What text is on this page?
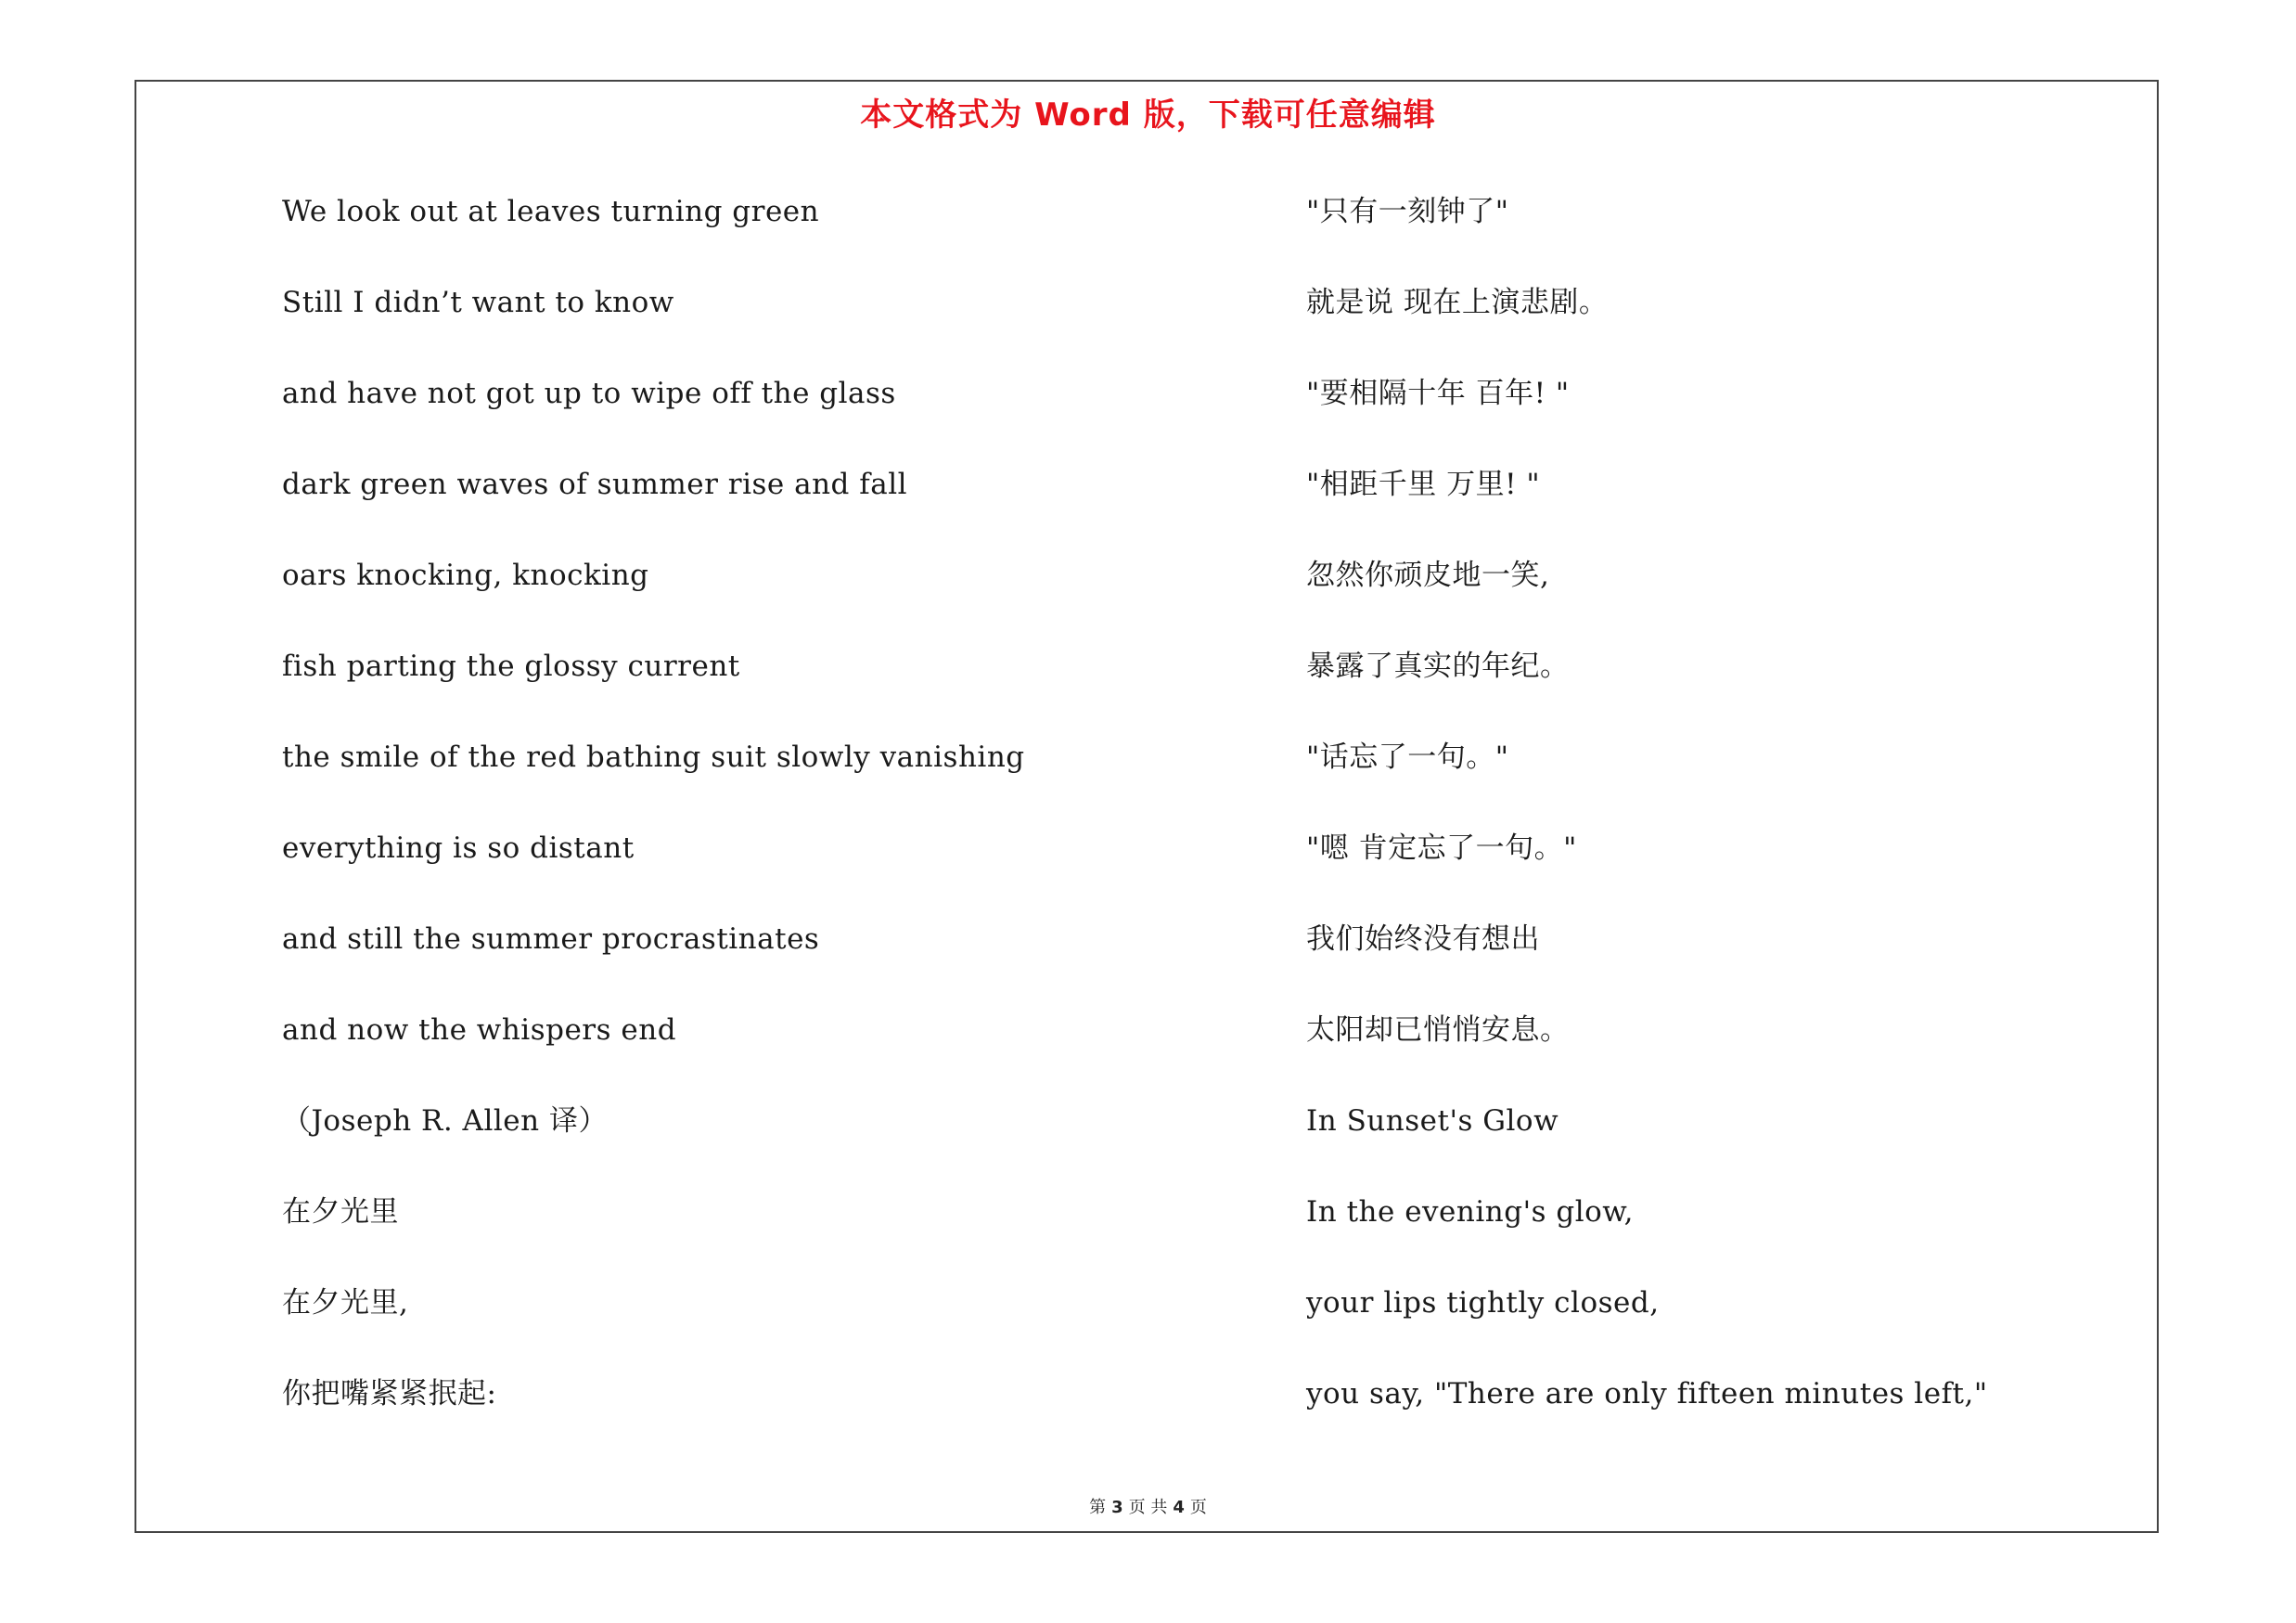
本文格式为 Word 版，下载可任意编辑
We look out at leaves turning green
Still I didn’t want to know
and have not got up to wipe off the glass
dark green waves of summer rise and fall
oars knocking, knocking
fish parting the glossy current
the smile of the red bathing suit slowly vanishing
everything is so distant
and still the summer procrastinates
and now the whispers end
（Joseph R. Allen 译）
在夕光里
在夕光里,
你把嘴紧紧抿起:
"只有一刻钟了"
就是说 现在上演悲剧。
"要相隔十年 百年! "
"相距千里 万里! "
忽然你顽皮地一笑,
暴露了真实的年纪。
"话忘了一句。"
"嗯 肯定忘了一句。"
我们始终没有想出
太阳却已悄悄安息。
In Sunset's Glow
In the evening's glow,
your lips tightly closed,
you say, "There are only fifteen minutes left,"
第 3 页 共 4 页
